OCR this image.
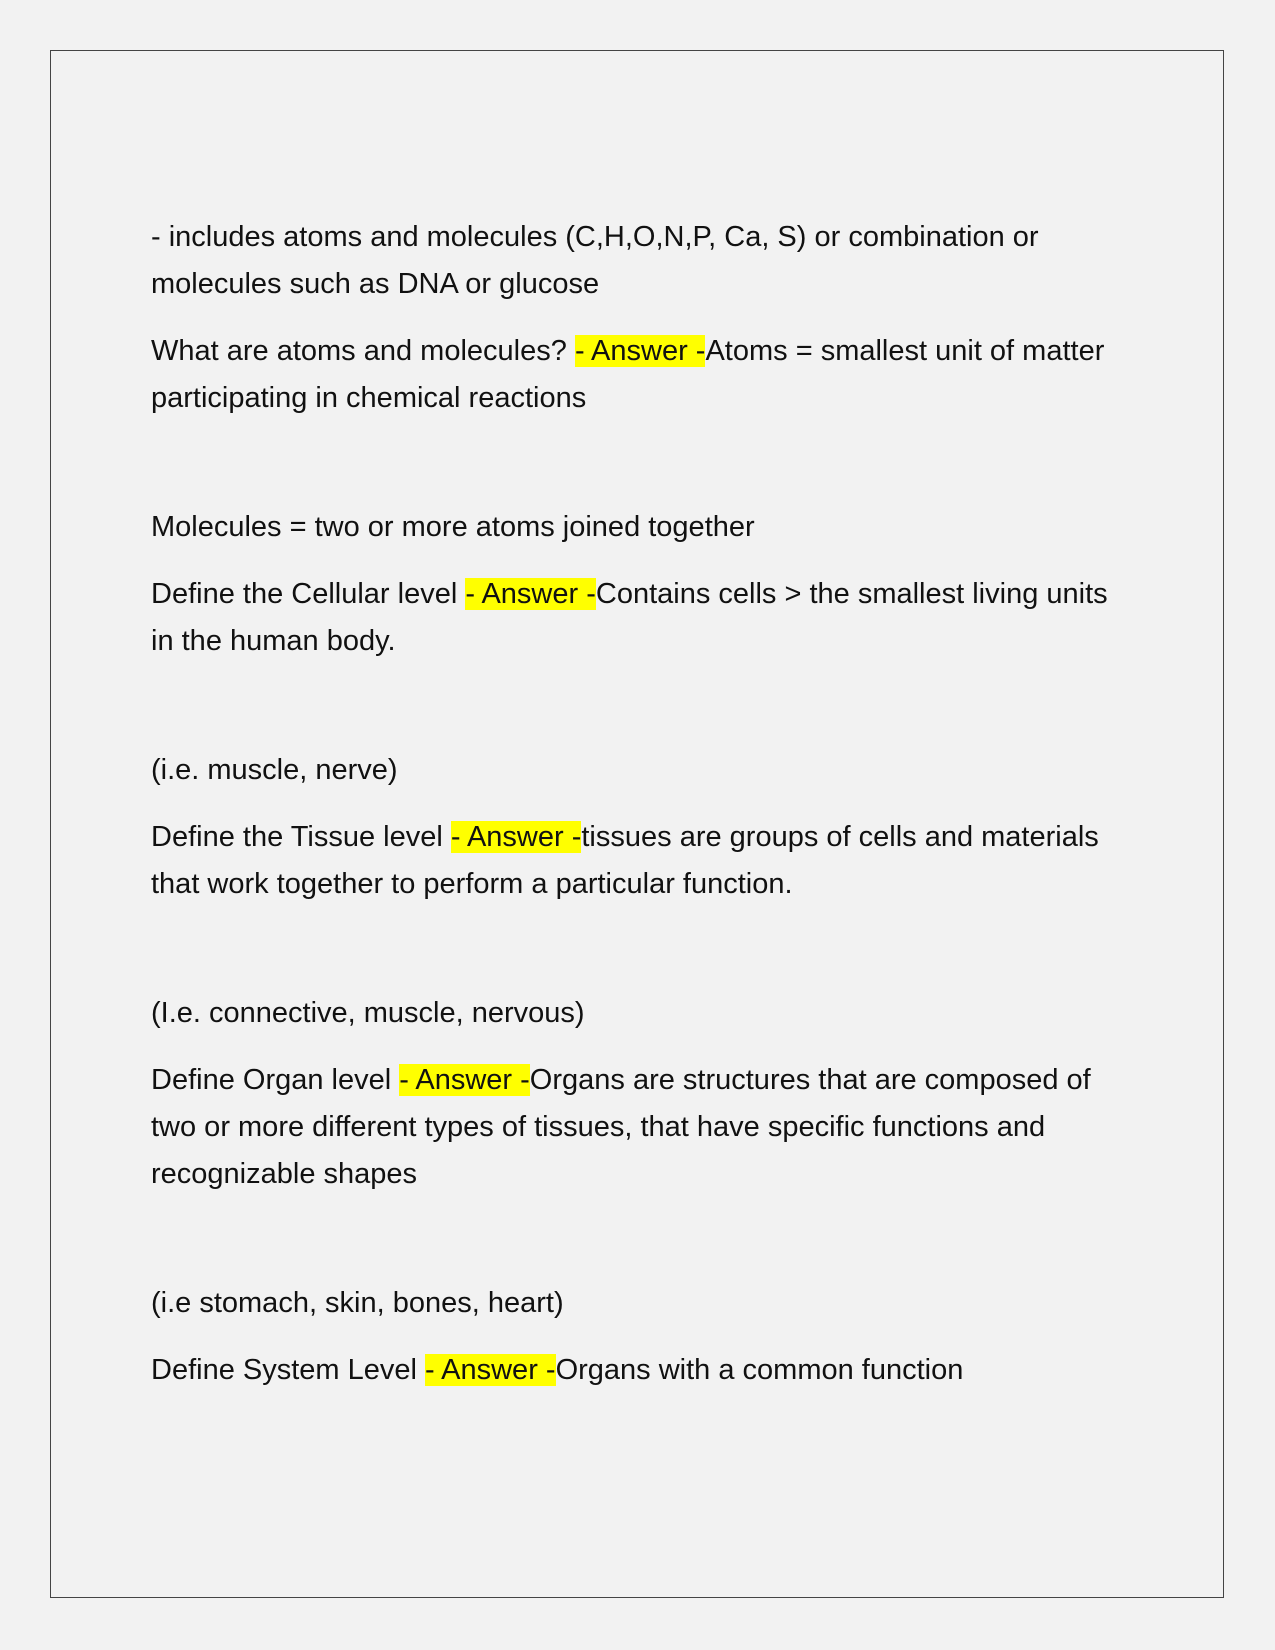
- includes atoms and molecules (C,H,O,N,P, Ca, S) or combination or molecules such as DNA or glucose

What are atoms and molecules? - Answer -Atoms = smallest unit of matter participating in chemical reactions

Molecules = two or more atoms joined together

Define the Cellular level - Answer -Contains cells > the smallest living units in the human body.

(i.e. muscle, nerve)

Define the Tissue level - Answer -tissues are groups of cells and materials that work together to perform a particular function.

(I.e. connective, muscle, nervous)

Define Organ level - Answer -Organs are structures that are composed of two or more different types of tissues, that have specific functions and recognizable shapes

(i.e stomach, skin, bones, heart)

Define System Level - Answer -Organs with a common function
